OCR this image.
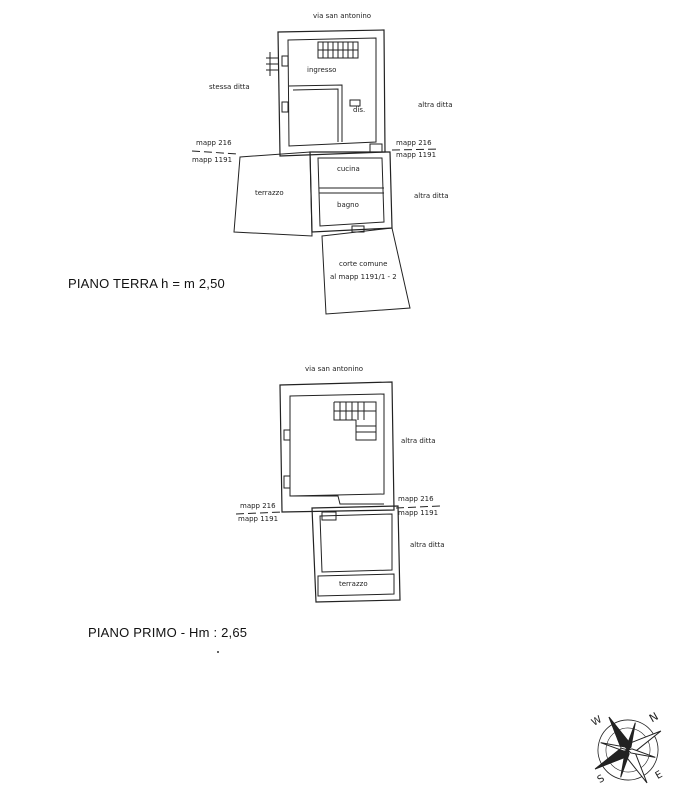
via san antonino
stessa ditta
altra ditta
altra ditta
ingresso
dis.
cucina
bagno
terrazzo
corte comune
al mapp 1191/1 - 2
mapp 216
mapp 1191
mapp 216
mapp 1191
PIANO TERRA h = m 2,50
via san antonino
altra ditta
altra ditta
terrazzo
mapp 216
mapp 1191
mapp 216
mapp 1191
PIANO PRIMO - Hm : 2,65
N
W
S	E
